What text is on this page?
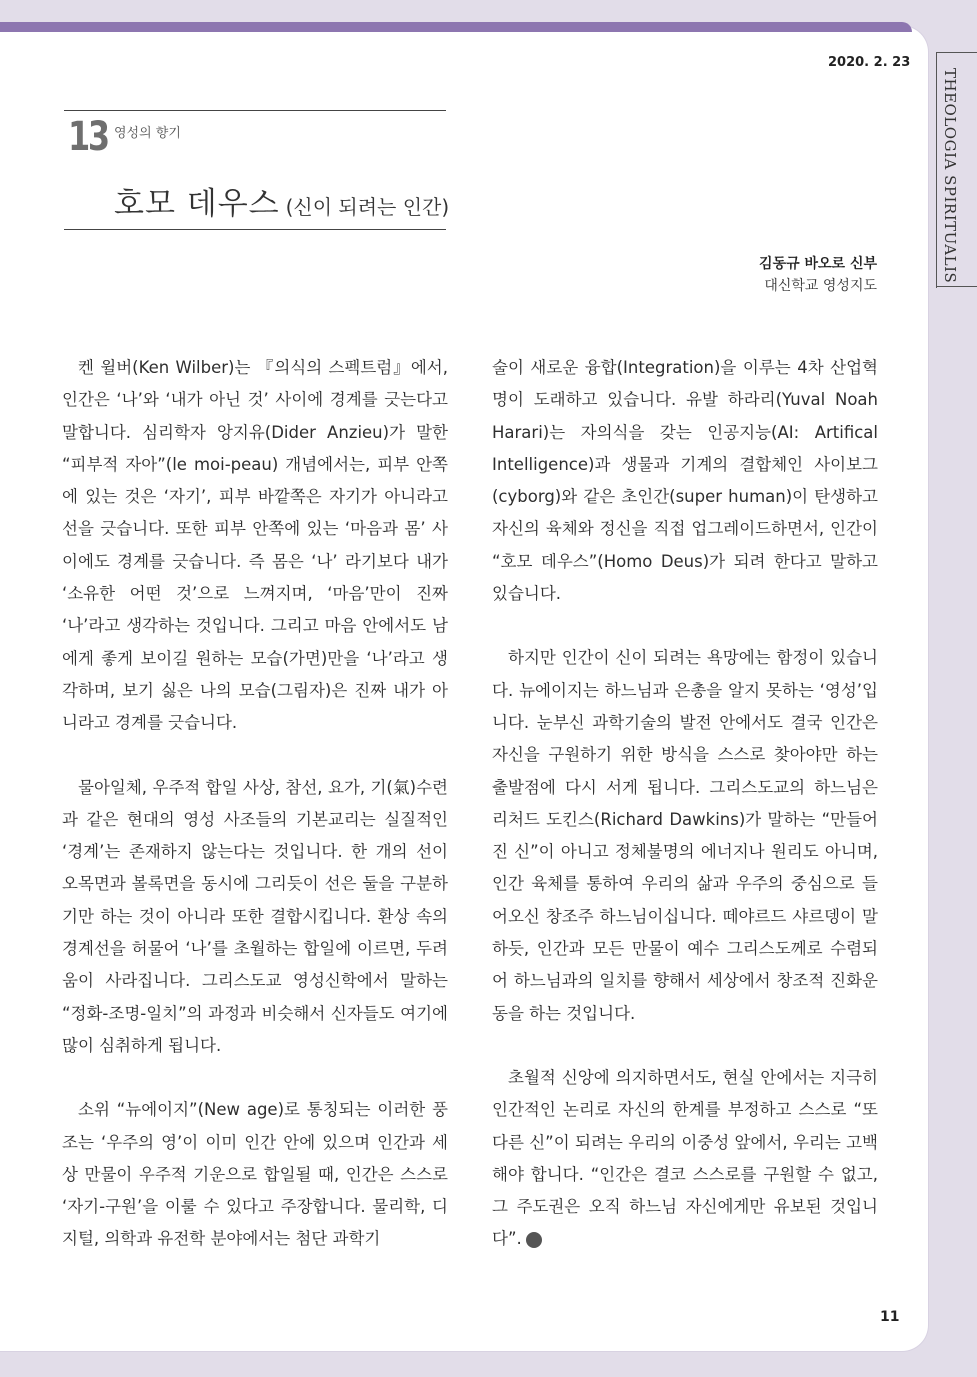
THEOLOGIA SPIRITUALIS
2020. 2. 23
13 영성의 향기
호모 데우스 (신이 되려는 인간)
김동규 바오로 신부
대신학교 영성지도

켄 윌버(Ken Wilber)는 『의식의 스펙트럼』에서, 인간은 ‘나’와 ‘내가 아닌 것’ 사이에 경계를 긋는다고 말합니다. 심리학자 앙지유(Dider Anzieu)가 말한 “피부적 자아”(le moi-peau) 개념에서는, 피부 안쪽에 있는 것은 ‘자기’, 피부 바깥쪽은 자기가 아니라고 선을 긋습니다. 또한 피부 안쪽에 있는 ‘마음과 몸’ 사이에도 경계를 긋습니다. 즉 몸은 ‘나’ 라기보다 내가 ‘소유한 어떤 것’으로 느껴지며, ‘마음’만이 진짜 ‘나’라고 생각하는 것입니다. 그리고 마음 안에서도 남에게 좋게 보이길 원하는 모습(가면)만을 ‘나’라고 생각하며, 보기 싫은 나의 모습(그림자)은 진짜 내가 아니라고 경계를 긋습니다.

물아일체, 우주적 합일 사상, 참선, 요가, 기(氣)수련과 같은 현대의 영성 사조들의 기본교리는 실질적인 ‘경계’는 존재하지 않는다는 것입니다. 한 개의 선이 오목면과 볼록면을 동시에 그리듯이 선은 둘을 구분하기만 하는 것이 아니라 또한 결합시킵니다. 환상 속의 경계선을 허물어 ‘나’를 초월하는 합일에 이르면, 두려움이 사라집니다. 그리스도교 영성신학에서 말하는 “정화-조명-일치”의 과정과 비슷해서 신자들도 여기에 많이 심취하게 됩니다.

소위 “뉴에이지”(New age)로 통칭되는 이러한 풍조는 ‘우주의 영’이 이미 인간 안에 있으며 인간과 세상 만물이 우주적 기운으로 합일될 때, 인간은 스스로 ‘자기-구원’을 이룰 수 있다고 주장합니다. 물리학, 디지털, 의학과 유전학 분야에서는 첨단 과학기

술이 새로운 융합(Integration)을 이루는 4차 산업혁명이 도래하고 있습니다. 유발 하라리(Yuval Noah Harari)는 자의식을 갖는 인공지능(AI: Artifical Intelligence)과 생물과 기계의 결합체인 사이보그(cyborg)와 같은 초인간(super human)이 탄생하고 자신의 육체와 정신을 직접 업그레이드하면서, 인간이 “호모 데우스”(Homo Deus)가 되려 한다고 말하고 있습니다.

하지만 인간이 신이 되려는 욕망에는 함정이 있습니다. 뉴에이지는 하느님과 은총을 알지 못하는 ‘영성’입니다. 눈부신 과학기술의 발전 안에서도 결국 인간은 자신을 구원하기 위한 방식을 스스로 찾아야만 하는 출발점에 다시 서게 됩니다. 그리스도교의 하느님은 리처드 도킨스(Richard Dawkins)가 말하는 “만들어진 신”이 아니고 정체불명의 에너지나 원리도 아니며, 인간 육체를 통하여 우리의 삶과 우주의 중심으로 들어오신 창조주 하느님이십니다. 떼야르드 샤르뎅이 말하듯, 인간과 모든 만물이 예수 그리스도께로 수렴되어 하느님과의 일치를 향해서 세상에서 창조적 진화운동을 하는 것입니다.

초월적 신앙에 의지하면서도, 현실 안에서는 지극히 인간적인 논리로 자신의 한계를 부정하고 스스로 “또 다른 신”이 되려는 우리의 이중성 앞에서, 우리는 고백해야 합니다. “인간은 결코 스스로를 구원할 수 없고, 그 주도권은 오직 하느님 자신에게만 유보된 것입니다”. ✠

11
